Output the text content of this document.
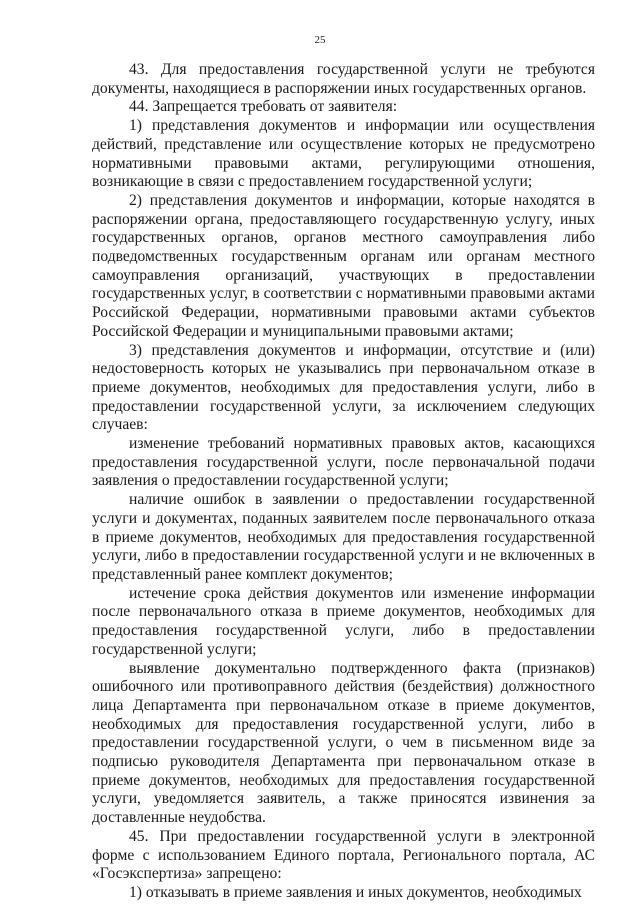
25

43. Для предоставления государственной услуги не требуются документы, находящиеся в распоряжении иных государственных органов.

44. Запрещается требовать от заявителя:

1) представления документов и информации или осуществления действий, представление или осуществление которых не предусмотрено нормативными правовыми актами, регулирующими отношения, возникающие в связи с предоставлением государственной услуги;

2) представления документов и информации, которые находятся в распоряжении органа, предоставляющего государственную услугу, иных государственных органов, органов местного самоуправления либо подведомственных государственным органам или органам местного самоуправления организаций, участвующих в предоставлении государственных услуг, в соответствии с нормативными правовыми актами Российской Федерации, нормативными правовыми актами субъектов Российской Федерации и муниципальными правовыми актами;

3) представления документов и информации, отсутствие и (или) недостоверность которых не указывались при первоначальном отказе в приеме документов, необходимых для предоставления услуги, либо в предоставлении государственной услуги, за исключением следующих случаев:

изменение требований нормативных правовых актов, касающихся предоставления государственной услуги, после первоначальной подачи заявления о предоставлении государственной услуги;

наличие ошибок в заявлении о предоставлении государственной услуги и документах, поданных заявителем после первоначального отказа в приеме документов, необходимых для предоставления государственной услуги, либо в предоставлении государственной услуги и не включенных в представленный ранее комплект документов;

истечение срока действия документов или изменение информации после первоначального отказа в приеме документов, необходимых для предоставления государственной услуги, либо в предоставлении государственной услуги;

выявление документально подтвержденного факта (признаков) ошибочного или противоправного действия (бездействия) должностного лица Департамента при первоначальном отказе в приеме документов, необходимых для предоставления государственной услуги, либо в предоставлении государственной услуги, о чем в письменном виде за подписью руководителя Департамента при первоначальном отказе в приеме документов, необходимых для предоставления государственной услуги, уведомляется заявитель, а также приносятся извинения за доставленные неудобства.

45. При предоставлении государственной услуги в электронной форме с использованием Единого портала, Регионального портала, АС «Госэкспертиза» запрещено:

1) отказывать в приеме заявления и иных документов, необходимых
